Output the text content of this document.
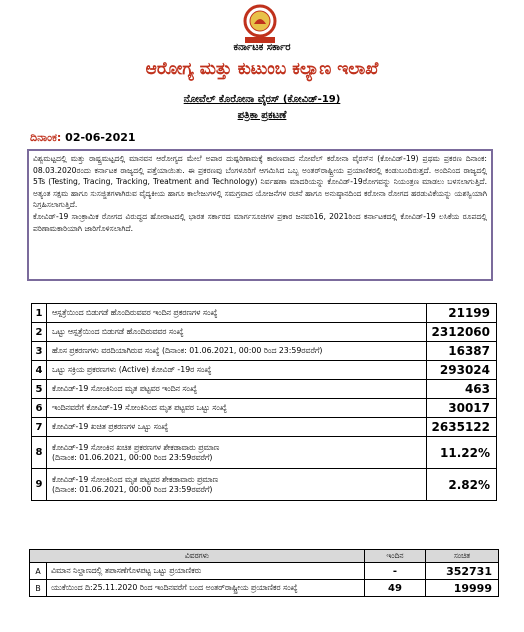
ಕರ್ನಾಟಕ ಸರ್ಕಾರ
ಆರೋಗ್ಯ ಮತ್ತು ಕುಟುಂಬ ಕಲ್ಯಾಣ ಇಲಾಖೆ
ನೋವೆಲ್ ಕೊರೋನಾ ವೈರಸ್ (ಕೋವಿಡ್-19)
ಪತ್ರಿಕಾ ಪ್ರಕಟಣೆ
ದಿನಾಂಕ: 02-06-2021

ವಿಶ್ವಮಟ್ಟದಲ್ಲಿ ಮತ್ತು ರಾಷ್ಟ್ರಮಟ್ಟದಲ್ಲಿ ಮಾನವನ ಆರೋಗ್ಯದ ಮೇಲೆ ಅಪಾರ ದುಷ್ಪರಿಣಾಮಕ್ಕೆ ಕಾರಣವಾದ ನೋವೆಲ್ ಕರೋನಾ ವೈರಸ್‌ನ (ಕೋವಿಡ್-19) ಪ್ರಥಮ ಪ್ರಕರಣ ದಿನಾಂಕ: 08.03.2020ರಂದು ಕರ್ನಾಟಕ ರಾಜ್ಯದಲ್ಲಿ ಪತ್ತೆಯಾಯಿತು. ಈ ಪ್ರಕರಣವು ಬೆಂಗಳೂರಿಗೆ ಆಗಮಿಸಿದ ಒಬ್ಬ ಅಂತರ್‌ರಾಷ್ಟ್ರೀಯ ಪ್ರಯಾಣಿಕರಲ್ಲಿ ಕಂಡುಬಂದಿರುತ್ತದೆ. ಅಂದಿನಿಂದ ರಾಜ್ಯದಲ್ಲಿ 5Ts (Testing, Tracing, Tracking, Treatment and Technology) ನಿರ್ವಹಣಾ ಮಾದರಿಯನ್ನು ಕೋವಿಡ್-19ರೋಗವನ್ನು ನಿಯಂತ್ರಣ ಮಾಡಲು ಬಳಸಲಾಗುತ್ತಿದೆ. ಅತ್ಯಂತ ಸಕ್ಷಮ ಹಾಗೂ ಸುಸಜ್ಜಿತಗಳಾಗಿರುವ ವೈದ್ಯಕೀಯ ಹಾಗೂ ಕಾಲೇಜುಗಳಲ್ಲಿ ಸಮಗ್ರವಾದ ಯೋಜನೆಗಳ ರಚನೆ ಹಾಗೂ ಅನುಷ್ಠಾನದಿಂದ ಕರೋನಾ ರೋಗದ ಹರಡುವಿಕೆಯನ್ನು ಯಶಸ್ವಿಯಾಗಿ ನಿಗ್ರಹಿಸಲಾಗುತ್ತಿದೆ.

ಕೋವಿಡ್-19 ಸಾಂಕ್ರಾಮಿಕ ರೋಗದ ವಿರುದ್ಧದ ಹೋರಾಟದಲ್ಲಿ ಭಾರತ ಸರ್ಕಾರದ ಮಾರ್ಗಸೂಚಿಗಳ ಪ್ರಕಾರ ಜನವರಿ16, 2021ರಿಂದ ಕರ್ನಾಟಕದಲ್ಲಿ ಕೋವಿಡ್-19 ಲಸಿಕೆಯ ರೂಪದಲ್ಲಿ ಪರಿಣಾಮಕಾರಿಯಾಗಿ ಜಾರಿಗೊಳಿಸಲಾಗಿದೆ.

1	ಆಸ್ಪತ್ರೆಯಿಂದ ಬಿಡುಗಡೆ ಹೊಂದಿರುವವರ ಇಂದಿನ ಪ್ರಕರಣಗಳ ಸಂಖ್ಯೆ	21199
2	ಒಟ್ಟು ಆಸ್ಪತ್ರೆಯಿಂದ ಬಿಡುಗಡೆ ಹೊಂದಿರುವವರ ಸಂಖ್ಯೆ	2312060
3	ಹೊಸ ಪ್ರಕರಣಗಳು ವರದಿಯಾಗಿರುವ ಸಂಖ್ಯೆ (ದಿನಾಂಕ: 01.06.2021, 00:00 ರಿಂದ 23:59ರವರೆಗೆ)	16387
4	ಒಟ್ಟು ಸಕ್ರಿಯ ಪ್ರಕರಣಗಳು (Active) ಕೋವಿಡ್ -19ರ ಸಂಖ್ಯೆ	293024
5	ಕೋವಿಡ್-19 ಸೋಂಕಿನಿಂದ ಮೃತ ಪಟ್ಟವರ ಇಂದಿನ ಸಂಖ್ಯೆ	463
6	ಇಂದಿನವರೆಗೆ ಕೋವಿಡ್-19 ಸೋಂಕಿನಿಂದ ಮೃತ ಪಟ್ಟವರ ಒಟ್ಟು ಸಂಖ್ಯೆ	30017
7	ಕೋವಿಡ್-19 ಖಚಿತ ಪ್ರಕರಣಗಳ ಒಟ್ಟು ಸಂಖ್ಯೆ	2635122
8	ಕೋವಿಡ್-19 ಸೋಂಕಿನ ಖಚಿತ ಪ್ರಕರಣಗಳ ಶೇಕಡಾವಾರು ಪ್ರಮಾಣ
(ದಿನಾಂಕ: 01.06.2021, 00:00 ರಿಂದ 23:59ರವರೆಗೆ)	11.22%
9	ಕೋವಿಡ್-19 ಸೋಂಕಿನಿಂದ ಮೃತ ಪಟ್ಟವರ ಶೇಕಡಾವಾರು ಪ್ರಮಾಣ
(ದಿನಾಂಕ: 01.06.2021, 00:00 ರಿಂದ 23:59ರವರೆಗೆ)	2.82%
ವಿವರಗಳು		ಇಂದಿನ	ಸಂಚಿತ
A	ವಿಮಾನ ನಿಲ್ದಾಣದಲ್ಲಿ ತಪಾಸಣೆಗೊಳಪಟ್ಟ ಒಟ್ಟು ಪ್ರಯಾಣಿಕರು	-	352731
B	ಯುಕೆಯಿಂದ ದಿ:25.11.2020 ರಿಂದ ಇಂದಿನವರೆಗೆ ಬಂದ ಅಂತರ್‌ರಾಷ್ಟ್ರೀಯ ಪ್ರಯಾಣಿಕರ ಸಂಖ್ಯೆ	49	19999
